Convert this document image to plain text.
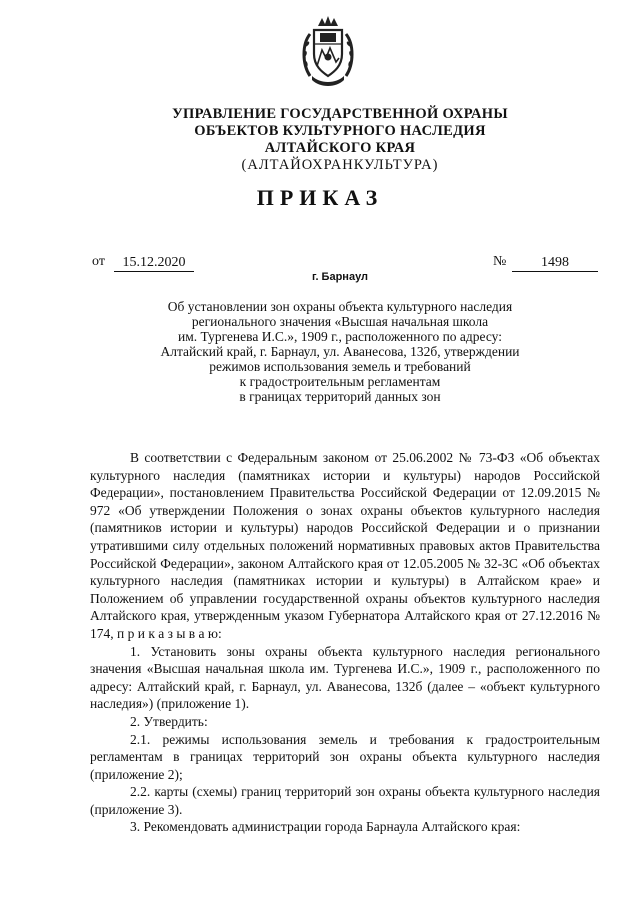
УПРАВЛЕНИЕ ГОСУДАРСТВЕННОЙ ОХРАНЫ
ОБЪЕКТОВ КУЛЬТУРНОГО НАСЛЕДИЯ
АЛТАЙСКОГО КРАЯ
(АЛТАЙОХРАНКУЛЬТУРА)
ПРИКАЗ
от	15.12.2020	№	1498
г. Барнаул
Об установлении зон охраны объекта культурного наследия
регионального значения «Высшая начальная школа
им. Тургенева И.С.», 1909 г., расположенного по адресу:
Алтайский край, г. Барнаул, ул. Аванесова, 132б, утверждении
режимов использования земель и требований
к градостроительным регламентам
в границах территорий данных зон

В соответствии с Федеральным законом от 25.06.2002 № 73-ФЗ «Об объектах культурного наследия (памятниках истории и культуры) народов Российской Федерации», постановлением Правительства Российской Федерации от 12.09.2015 № 972 «Об утверждении Положения о зонах охраны объектов культурного наследия (памятников истории и культуры) народов Российской Федерации и о признании утратившими силу отдельных положений нормативных правовых актов Правительства Российской Федерации», законом Алтайского края от 12.05.2005 № 32-ЗС «Об объектах культурного наследия (памятниках истории и культуры) в Алтайском крае» и Положением об управлении государственной охраны объектов культурного наследия Алтайского края, утвержденным указом Губернатора Алтайского края от 27.12.2016 № 174, п р и к а з ы в а ю:

1. Установить зоны охраны объекта культурного наследия регионального значения «Высшая начальная школа им. Тургенева И.С.», 1909 г., расположенного по адресу: Алтайский край, г. Барнаул, ул. Аванесова, 132б (далее – «объект культурного наследия») (приложение 1).

2. Утвердить:

2.1. режимы использования земель и требования к градостроительным регламентам в границах территорий зон охраны объекта культурного наследия (приложение 2);

2.2. карты (схемы) границ территорий зон охраны объекта культурного наследия (приложение 3).

3. Рекомендовать администрации города Барнаула Алтайского края:
